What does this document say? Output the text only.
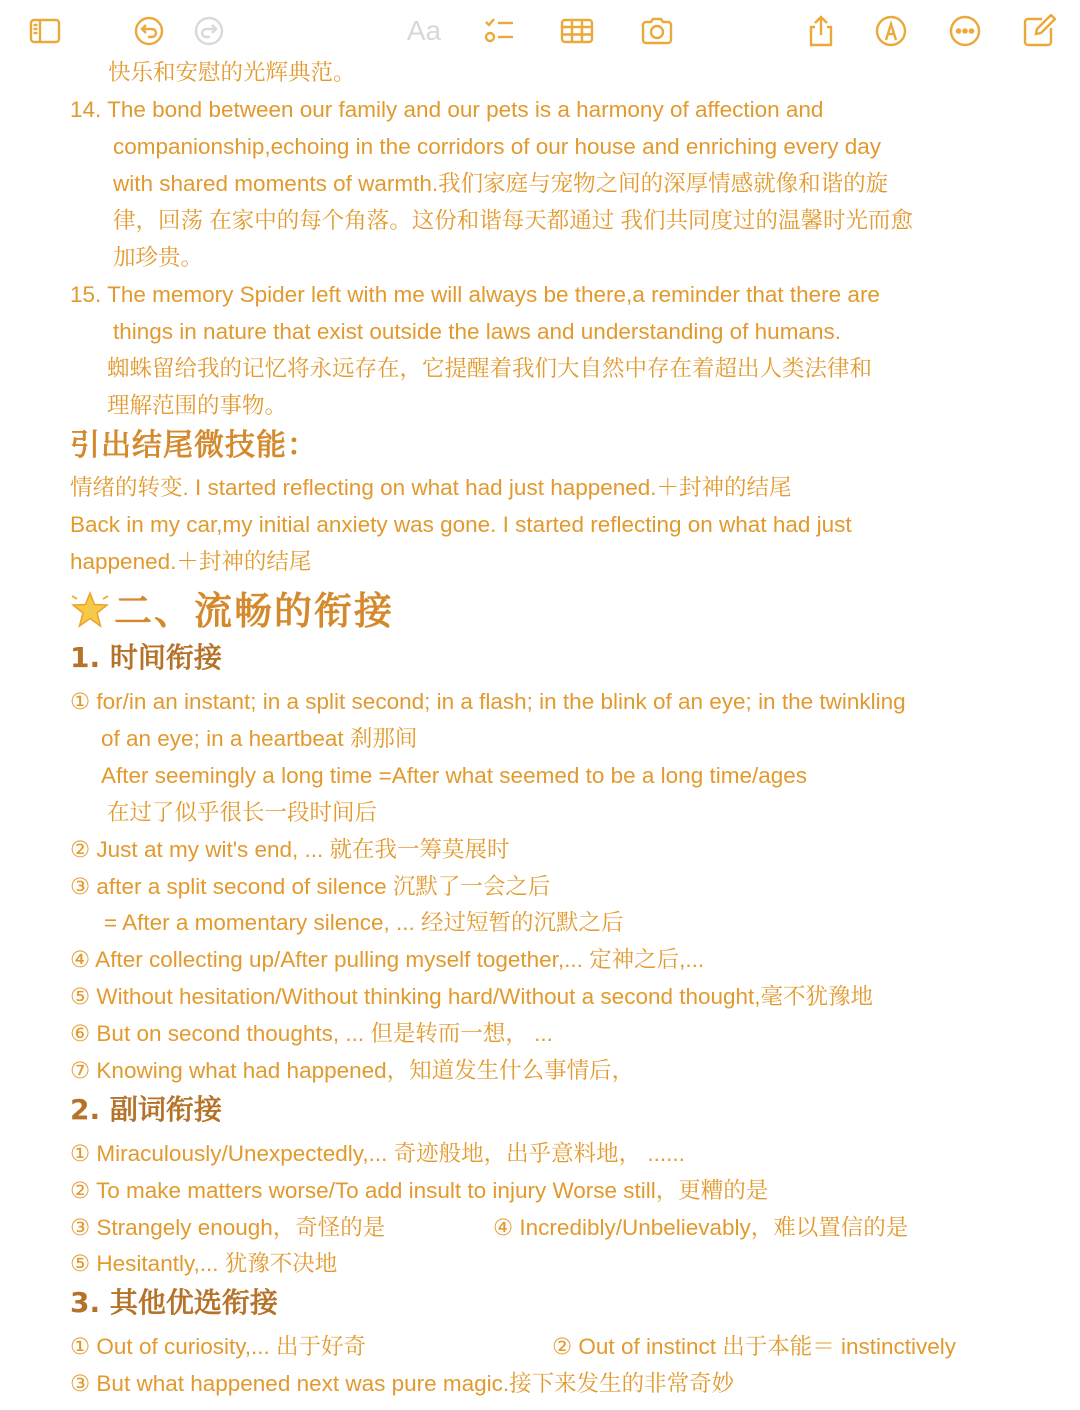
Aa
快乐和安慰的光辉典范。
14. The bond between our family and our pets is a harmony of affection and
companionship,echoing in the corridors of our house and enriching every day
with shared moments of warmth.我们家庭与宠物之间的深厚情感就像和谐的旋
律，回荡 在家中的每个角落。这份和谐每天都通过 我们共同度过的温馨时光而愈
加珍贵。
15. The memory Spider left with me will always be there,a reminder that there are
things in nature that exist outside the laws and understanding of humans.
蜘蛛留给我的记忆将永远存在，它提醒着我们大自然中存在着超出人类法律和
理解范围的事物。
引出结尾微技能：
情绪的转变. I started reflecting on what had just happened.＋封神的结尾
Back in my car,my initial anxiety was gone. I started reflecting on what had just
happened.＋封神的结尾
二、流畅的衔接
1. 时间衔接
① for/in an instant; in a split second; in a flash; in the blink of an eye; in the twinkling
of an eye; in a heartbeat 刹那间
After seemingly a long time =After what seemed to be a long time/ages
在过了似乎很长一段时间后
② Just at my wit's end, ... 就在我一筹莫展时
③ after a split second of silence 沉默了一会之后
= After a momentary silence, ... 经过短暂的沉默之后
④ After collecting up/After pulling myself together,... 定神之后,...
⑤ Without hesitation/Without thinking hard/Without a second thought,毫不犹豫地
⑥ But on second thoughts, ... 但是转而一想， ...
⑦ Knowing what had happened，知道发生什么事情后，
2. 副词衔接
① Miraculously/Unexpectedly,... 奇迹般地，出乎意料地， ......
② To make matters worse/To add insult to injury Worse still，更糟的是
③ Strangely enough，奇怪的是	④ Incredibly/Unbelievably，难以置信的是
⑤ Hesitantly,... 犹豫不决地
3. 其他优选衔接
① Out of curiosity,... 出于好奇	② Out of instinct 出于本能＝ instinctively
③ But what happened next was pure magic.接下来发生的非常奇妙
